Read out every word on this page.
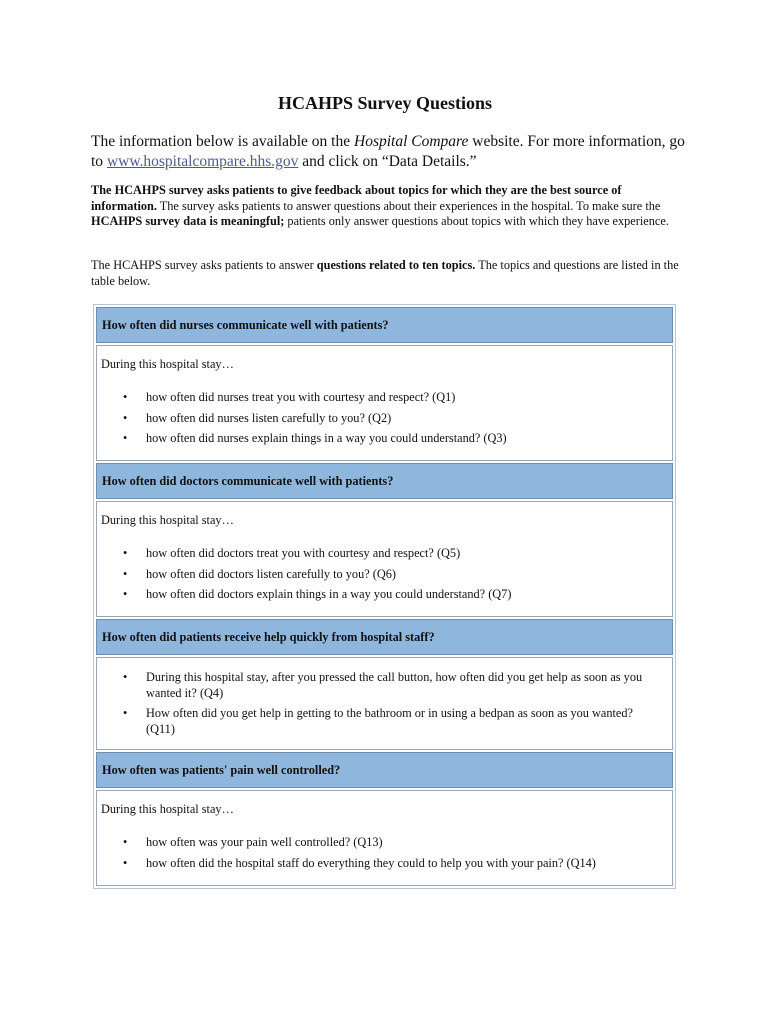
HCAHPS Survey Questions
The information below is available on the Hospital Compare website. For more information, go to www.hospitalcompare.hhs.gov and click on “Data Details.”
The HCAHPS survey asks patients to give feedback about topics for which they are the best source of information. The survey asks patients to answer questions about their experiences in the hospital. To make sure the HCAHPS survey data is meaningful; patients only answer questions about topics with which they have experience.
The HCAHPS survey asks patients to answer questions related to ten topics. The topics and questions are listed in the table below.
How often did nurses communicate well with patients?
During this hospital stay…
• how often did nurses treat you with courtesy and respect? (Q1)
• how often did nurses listen carefully to you? (Q2)
• how often did nurses explain things in a way you could understand? (Q3)
How often did doctors communicate well with patients?
During this hospital stay…
• how often did doctors treat you with courtesy and respect? (Q5)
• how often did doctors listen carefully to you? (Q6)
• how often did doctors explain things in a way you could understand? (Q7)
How often did patients receive help quickly from hospital staff?
• During this hospital stay, after you pressed the call button, how often did you get help as soon as you wanted it? (Q4)
• How often did you get help in getting to the bathroom or in using a bedpan as soon as you wanted? (Q11)
How often was patients' pain well controlled?
During this hospital stay…
• how often was your pain well controlled? (Q13)
• how often did the hospital staff do everything they could to help you with your pain? (Q14)
